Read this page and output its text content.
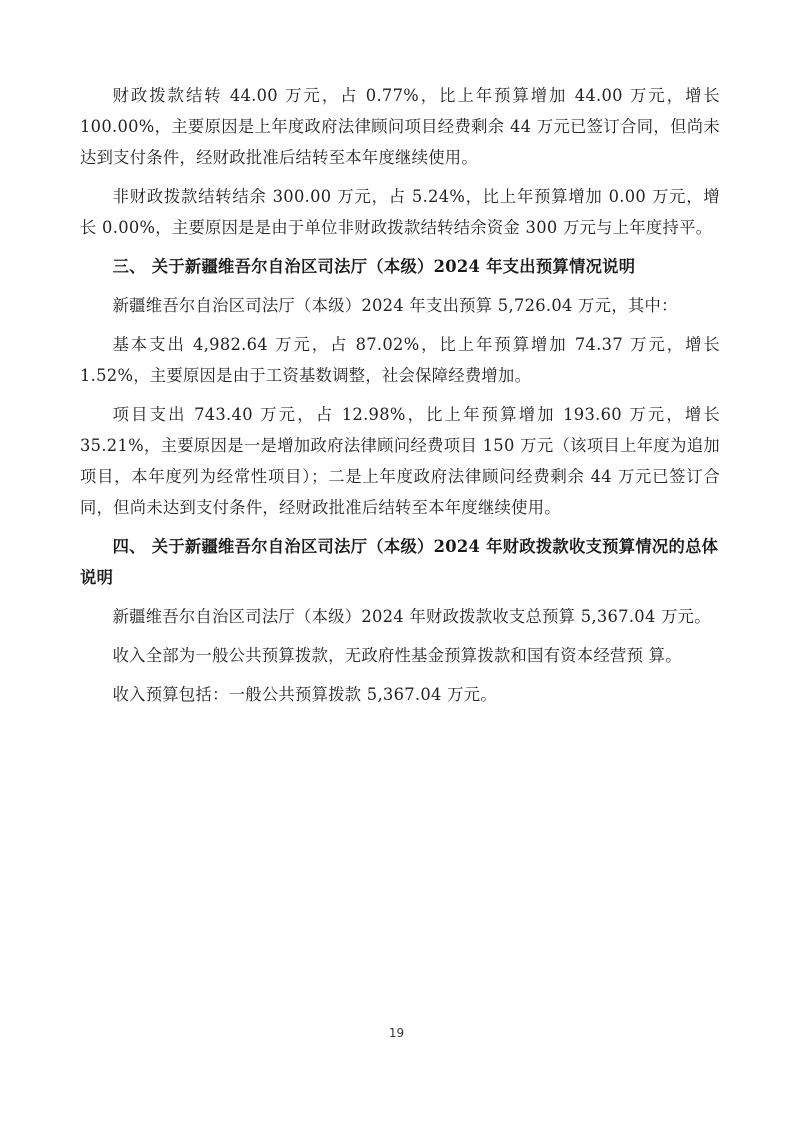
财政拨款结转 44.00 万元，占 0.77%，比上年预算增加 44.00 万元，增长 100.00%，主要原因是上年度政府法律顾问项目经费剩余 44 万元已签订合同，但尚未达到支付条件，经财政批准后结转至本年度继续使用。

非财政拨款结转结余 300.00 万元，占 5.24%，比上年预算增加 0.00 万元，增长 0.00%，主要原因是是由于单位非财政拨款结转结余资金 300 万元与上年度持平。

三、 关于新疆维吾尔自治区司法厅（本级）2024 年支出预算情况说明

新疆维吾尔自治区司法厅（本级）2024 年支出预算 5,726.04 万元，其中：

基本支出 4,982.64 万元，占 87.02%，比上年预算增加 74.37 万元，增长 1.52%，主要原因是由于工资基数调整，社会保障经费增加。

项目支出 743.40 万元，占 12.98%，比上年预算增加 193.60 万元，增长 35.21%，主要原因是一是增加政府法律顾问经费项目 150 万元（该项目上年度为追加项目，本年度列为经常性项目）；二是上年度政府法律顾问经费剩余 44 万元已签订合同，但尚未达到支付条件，经财政批准后结转至本年度继续使用。

四、 关于新疆维吾尔自治区司法厅（本级）2024 年财政拨款收支预算情况的总体说明

新疆维吾尔自治区司法厅（本级）2024 年财政拨款收支总预算 5,367.04 万元。

收入全部为一般公共预算拨款，无政府性基金预算拨款和国有资本经营预 算。

收入预算包括：一般公共预算拨款 5,367.04 万元。

19
